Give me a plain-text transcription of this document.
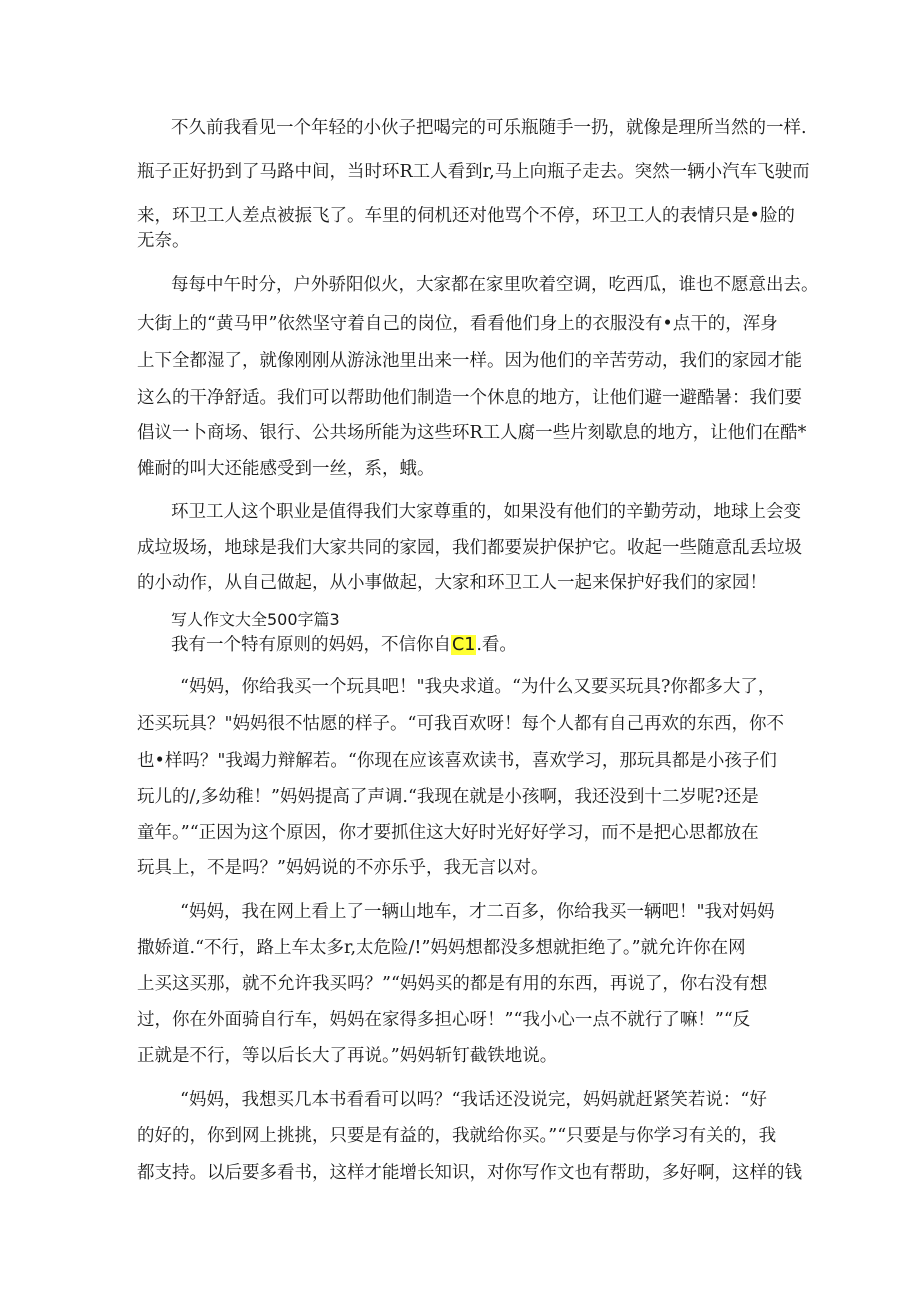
不久前我看见一个年轻的小伙子把喝完的可乐瓶随手一扔，就像是理所当然的一样.
瓶子正好扔到了马路中间，当时环R工人看到r,马上向瓶子走去。突然一辆小汽车飞驶而
来，环卫工人差点被振飞了。车里的伺机还对他骂个不停，环卫工人的表情只是•脸的
无奈。
每每中午时分，户外骄阳似火，大家都在家里吹着空调，吃西瓜，谁也不愿意出去。
大街上的“黄马甲”依然坚守着自己的岗位，看看他们身上的衣服没有•点干的，浑身
上下全都湿了，就像刚刚从游泳池里出来一样。因为他们的辛苦劳动，我们的家园才能
这么的干净舒适。我们可以帮助他们制造一个休息的地方，让他们避一避酷暑：我们要
倡议一卜商场、银行、公共场所能为这些环R工人腐一些片刻歇息的地方，让他们在酷*
傩耐的叫大还能感受到一丝，系，蛾。
环卫工人这个职业是值得我们大家尊重的，如果没有他们的辛勤劳动，地球上会变
成垃圾场，地球是我们大家共同的家园，我们都要炭护保护它。收起一些随意乱丢垃圾
的小动作，从自己做起，从小事做起，大家和环卫工人一起来保护好我们的家园！
写人作文大全500字篇3
我有一个特有原则的妈妈，不信你自C1.看。
“妈妈，你给我买一个玩具吧！"我央求道。“为什么又要买玩具?你都多大了，
还买玩具？"妈妈很不怙愿的样子。“可我百欢呀！每个人都有自己再欢的东西，你不
也•样吗？"我竭力辩解若。“你现在应该喜欢读书，喜欢学习，那玩具都是小孩子们
玩儿的/,多幼稚！”妈妈提高了声调.“我现在就是小孩啊，我还没到十二岁呢?还是
童年。”“正因为这个原因，你才要抓住这大好时光好好学习，而不是把心思都放在
玩具上，不是吗？”妈妈说的不亦乐乎，我无言以对。
“妈妈，我在网上看上了一辆山地车，才二百多，你给我买一辆吧！"我对妈妈
撒娇道.“不行，路上车太多r,太危险/!”妈妈想都没多想就拒绝了。”就允许你在网
上买这买那，就不允许我买吗？”“妈妈买的都是有用的东西，再说了，你右没有想
过，你在外面骑自行车，妈妈在家得多担心呀！”“我小心一点不就行了嘛！”“反
正就是不行，等以后长大了再说。”妈妈斩钉截铁地说。
“妈妈，我想买几本书看看可以吗？“我话还没说完，妈妈就赶紧笑若说：“好
的好的，你到网上挑挑，只要是有益的，我就给你买。”“只要是与你学习有关的，我
都支持。以后要多看书，这样才能增长知识，对你写作文也有帮助，多好啊，这样的钱
